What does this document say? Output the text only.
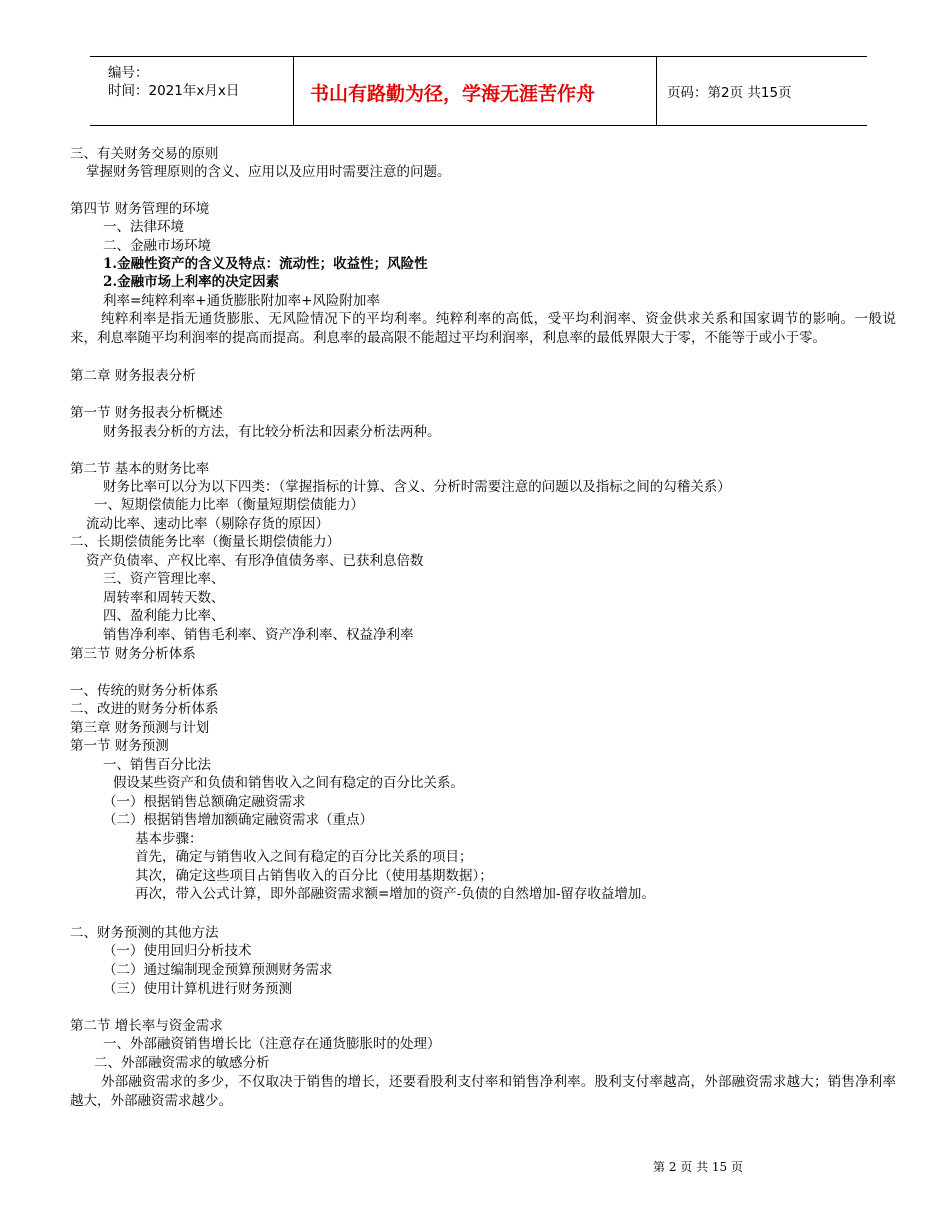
编号：
时间：2021年x月x日	书山有路勤为径，学海无涯苦作舟	页码：第2页 共15页
三、有关财务交易的原则
掌握财务管理原则的含义、应用以及应用时需要注意的问题。
第四节 财务管理的环境
一、法律环境
二、金融市场环境
1.金融性资产的含义及特点：流动性；收益性；风险性
2.金融市场上利率的决定因素
利率=纯粹利率+通货膨胀附加率+风险附加率
纯粹利率是指无通货膨胀、无风险情况下的平均利率。纯粹利率的高低，受平均利润率、资金供求关系和国家调节的影响。一般说来，利息率随平均利润率的提高而提高。利息率的最高限不能超过平均利润率，利息率的最低界限大于零，不能等于或小于零。
第二章 财务报表分析
第一节 财务报表分析概述
财务报表分析的方法，有比较分析法和因素分析法两种。
第二节 基本的财务比率
财务比率可以分为以下四类：（掌握指标的计算、含义、分析时需要注意的问题以及指标之间的勾稽关系）
一、短期偿债能力比率（衡量短期偿债能力）
流动比率、速动比率（剔除存货的原因）
二、长期偿债能务比率（衡量长期偿债能力）
资产负债率、产权比率、有形净值债务率、已获利息倍数
三、资产管理比率、
周转率和周转天数、
四、盈利能力比率、
销售净利率、销售毛利率、资产净利率、权益净利率
第三节 财务分析体系
一、传统的财务分析体系
二、改进的财务分析体系
第三章 财务预测与计划
第一节 财务预测
一、销售百分比法
假设某些资产和负债和销售收入之间有稳定的百分比关系。
（一）根据销售总额确定融资需求
（二）根据销售增加额确定融资需求（重点）
基本步骤：
首先，确定与销售收入之间有稳定的百分比关系的项目；
其次，确定这些项目占销售收入的百分比（使用基期数据）；
再次，带入公式计算，即外部融资需求额=增加的资产-负债的自然增加-留存收益增加。
二、财务预测的其他方法
（一）使用回归分析技术
（二）通过编制现金预算预测财务需求
（三）使用计算机进行财务预测
第二节 增长率与资金需求
一、外部融资销售增长比（注意存在通货膨胀时的处理）
二、外部融资需求的敏感分析
外部融资需求的多少，不仅取决于销售的增长，还要看股利支付率和销售净利率。股利支付率越高，外部融资需求越大；销售净利率越大，外部融资需求越少。
第 2 页 共 15 页
